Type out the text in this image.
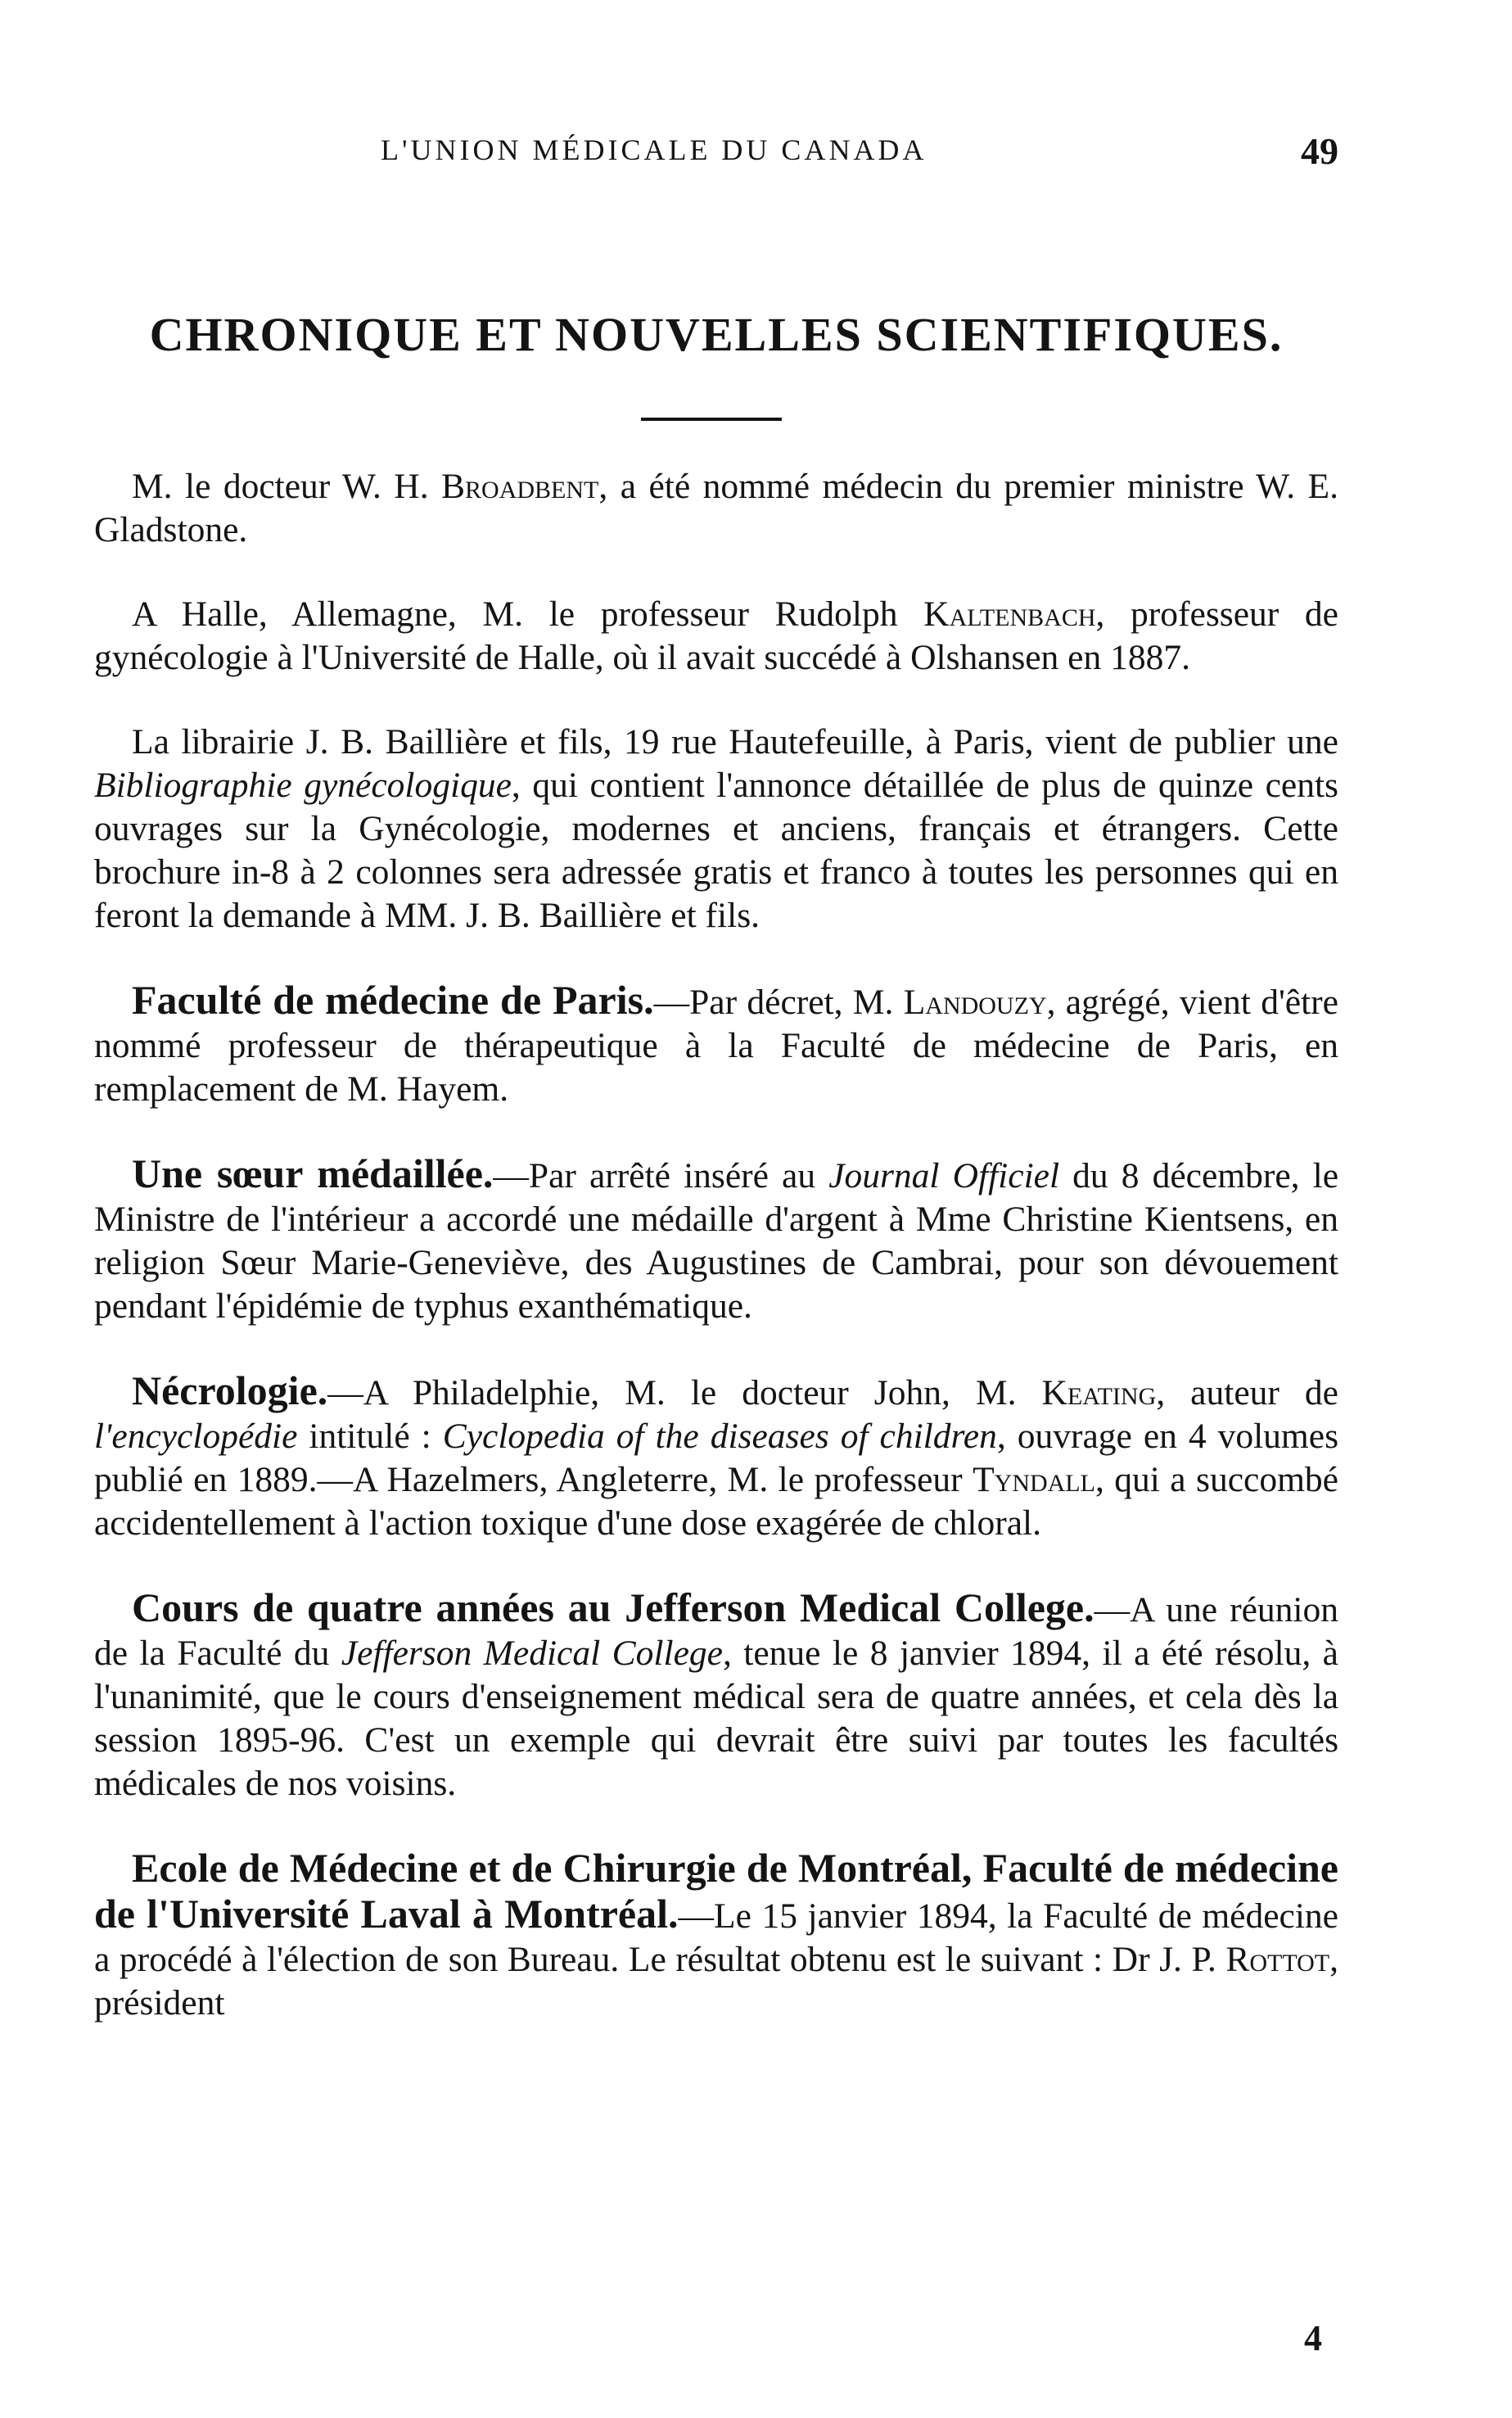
L'UNION MÉDICALE DU CANADA	49
CHRONIQUE ET NOUVELLES SCIENTIFIQUES.

M. le docteur W. H. Broadbent, a été nommé médecin du premier ministre W. E. Gladstone.

A Halle, Allemagne, M. le professeur Rudolph Kaltenbach, professeur de gynécologie à l'Université de Halle, où il avait succédé à Olshansen en 1887.

La librairie J. B. Baillière et fils, 19 rue Hautefeuille, à Paris, vient de publier une Bibliographie gynécologique, qui contient l'annonce détaillée de plus de quinze cents ouvrages sur la Gynécologie, modernes et anciens, français et étrangers. Cette brochure in-8 à 2 colonnes sera adressée gratis et franco à toutes les personnes qui en feront la demande à MM. J. B. Baillière et fils.

Faculté de médecine de Paris.—Par décret, M. Landouzy, agrégé, vient d'être nommé professeur de thérapeutique à la Faculté de médecine de Paris, en remplacement de M. Hayem.

Une sœur médaillée.—Par arrêté inséré au Journal Officiel du 8 décembre, le Ministre de l'intérieur a accordé une médaille d'argent à Mme Christine Kientsens, en religion Sœur Marie-Geneviève, des Augustines de Cambrai, pour son dévouement pendant l'épidémie de typhus exanthématique.

Nécrologie.—A Philadelphie, M. le docteur John, M. Keating, auteur de l'encyclopédie intitulé : Cyclopedia of the diseases of children, ouvrage en 4 volumes publié en 1889.—A Hazelmers, Angleterre, M. le professeur Tyndall, qui a succombé accidentellement à l'action toxique d'une dose exagérée de chloral.

Cours de quatre années au Jefferson Medical College.—A une réunion de la Faculté du Jefferson Medical College, tenue le 8 janvier 1894, il a été résolu, à l'unanimité, que le cours d'enseignement médical sera de quatre années, et cela dès la session 1895-96. C'est un exemple qui devrait être suivi par toutes les facultés médicales de nos voisins.

Ecole de Médecine et de Chirurgie de Montréal, Faculté de médecine de l'Université Laval à Montréal.—Le 15 janvier 1894, la Faculté de médecine a procédé à l'élection de son Bureau. Le résultat obtenu est le suivant : Dr J. P. Rottot, président

4
